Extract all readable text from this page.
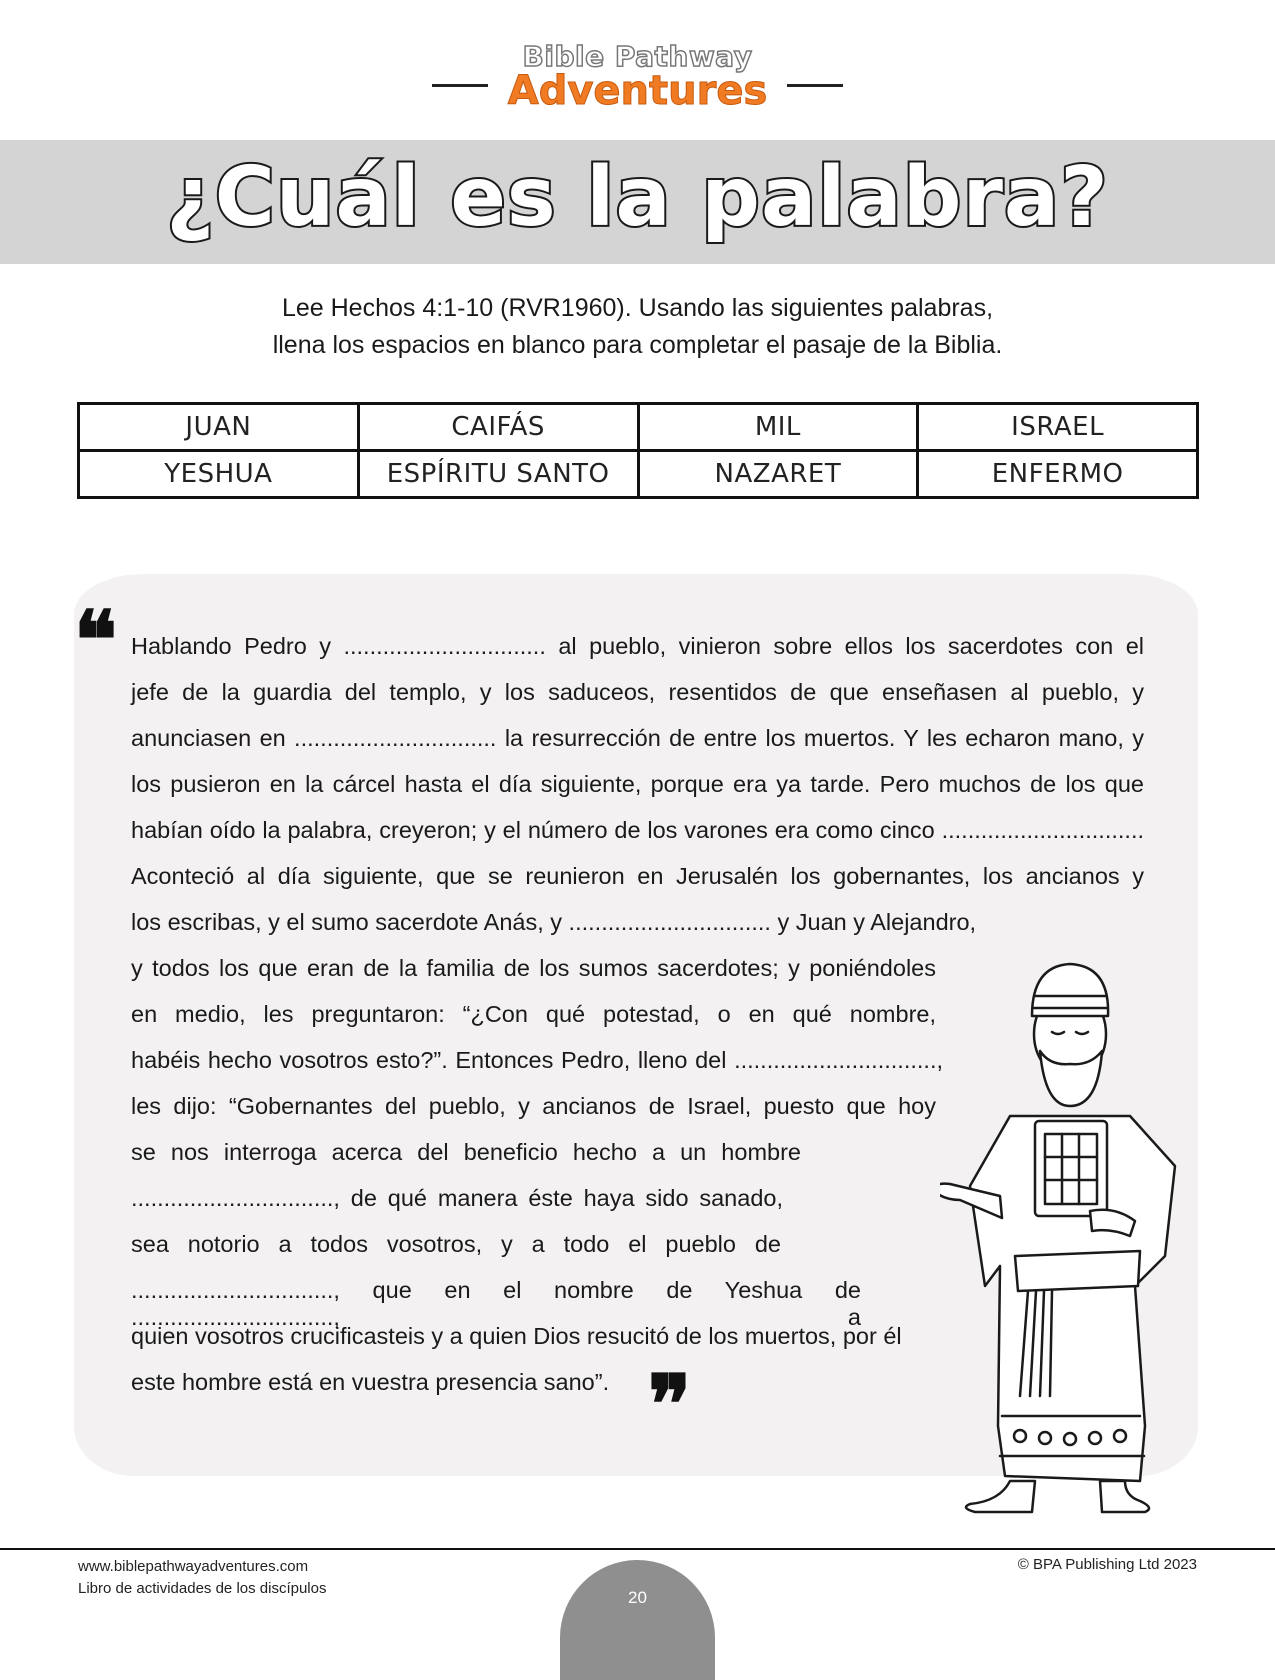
Bible Pathway
Adventures
¿Cuál es la palabra?
Lee Hechos 4:1-10 (RVR1960). Usando las siguientes palabras,
llena los espacios en blanco para completar el pasaje de la Biblia.
JUAN	CAIFÁS	MIL	ISRAEL
YESHUA	ESPÍRITU SANTO	NAZARET	ENFERMO
❝ Hablando Pedro y ............................... al pueblo, vinieron sobre ellos los sacerdotes con el
jefe de la guardia del templo, y los saduceos, resentidos de que enseñasen al pueblo, y
anunciasen en ............................... la resurrección de entre los muertos. Y les echaron mano, y
los pusieron en la cárcel hasta el día siguiente, porque era ya tarde. Pero muchos de los que
habían oído la palabra, creyeron; y el número de los varones era como cinco ...............................
Aconteció al día siguiente, que se reunieron en Jerusalén los gobernantes, los ancianos y
los escribas, y el sumo sacerdote Anás, y ............................... y Juan y Alejandro,
y todos los que eran de la familia de los sumos sacerdotes; y poniéndoles
en medio, les preguntaron: “¿Con qué potestad, o en qué nombre,
habéis hecho vosotros esto?”. Entonces Pedro, lleno del ...............................,
les dijo: “Gobernantes del pueblo, y ancianos de Israel, puesto que hoy
se nos interroga acerca del beneficio hecho a un hombre
..............................., de qué manera éste haya sido sanado,
sea notorio a todos vosotros, y a todo el pueblo de
..............................., que en el nombre de Yeshua de ..............................., a
quien vosotros crucificasteis y a quien Dios resucitó de los muertos, por él
este hombre está en vuestra presencia sano”. ❞
www.biblepathwayadventures.com
Libro de actividades de los discípulos
© BPA Publishing Ltd 2023
20
